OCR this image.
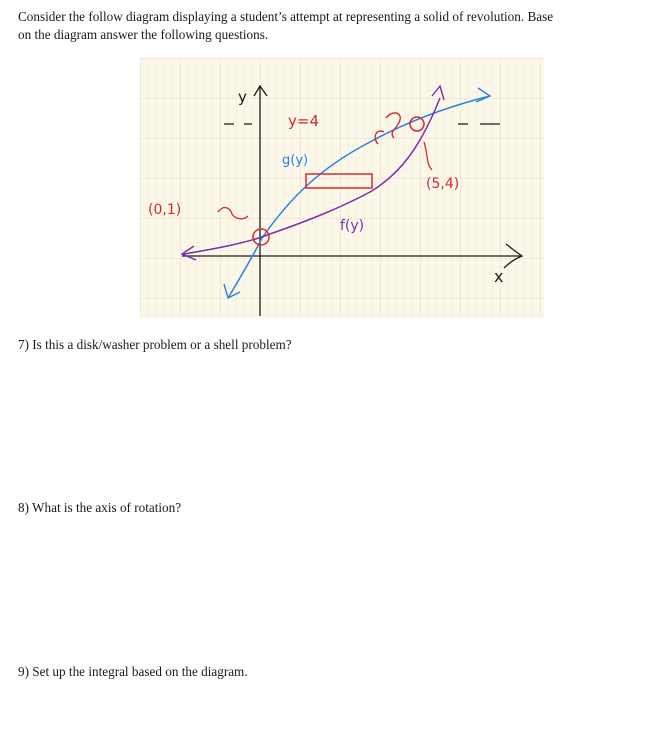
Consider the follow diagram displaying a student’s attempt at representing a solid of revolution. Base
on the diagram answer the following questions.
y
x
y=4
g(y)
f(y)
(0,1)
(5,4)
7) Is this a disk/washer problem or a shell problem?
8) What is the axis of rotation?
9) Set up the integral based on the diagram.
